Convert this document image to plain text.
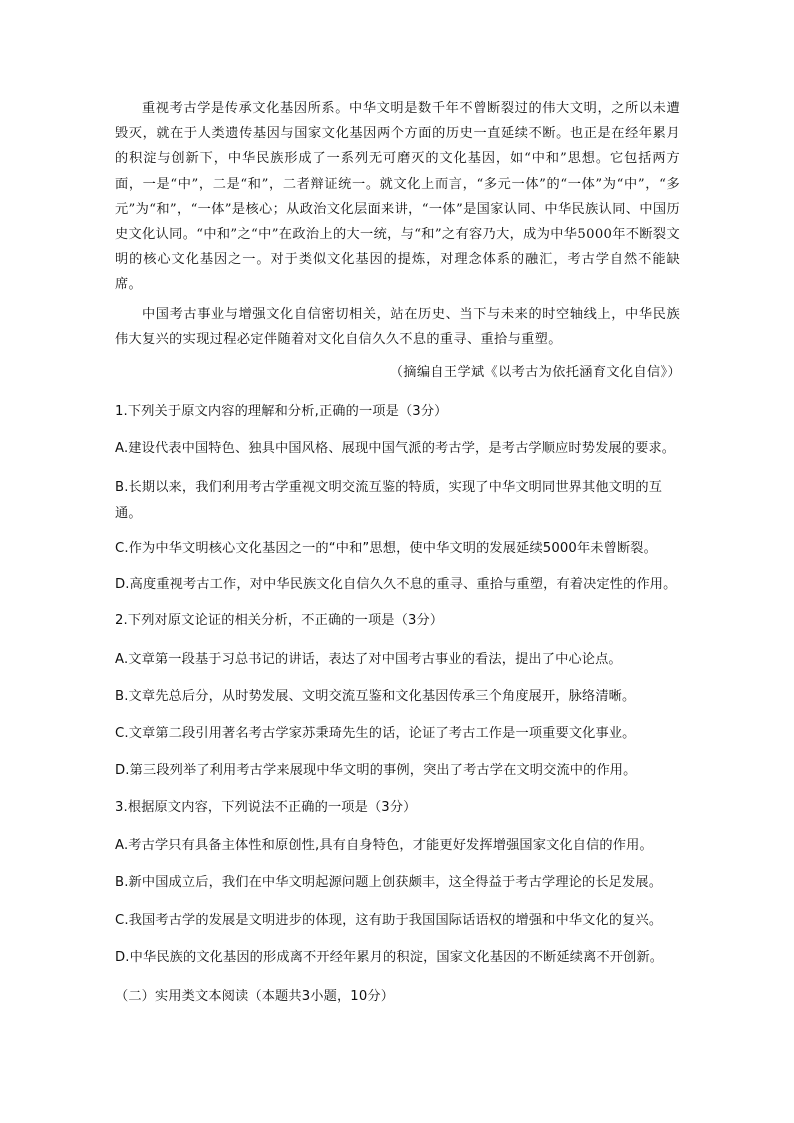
重视考古学是传承文化基因所系。中华文明是数千年不曾断裂过的伟大文明，之所以未遭毁灭，就在于人类遗传基因与国家文化基因两个方面的历史一直延续不断。也正是在经年累月的积淀与创新下，中华民族形成了一系列无可磨灭的文化基因，如“中和”思想。它包括两方面，一是“中”，二是“和”，二者辩证统一。就文化上而言，“多元一体”的“一体”为“中”，“多元”为“和”，“一体”是核心；从政治文化层面来讲，“一体”是国家认同、中华民族认同、中国历史文化认同。“中和”之“中”在政治上的大一统，与“和”之有容乃大，成为中华5000年不断裂文明的核心文化基因之一。对于类似文化基因的提炼，对理念体系的融汇，考古学自然不能缺席。

中国考古事业与增强文化自信密切相关，站在历史、当下与未来的时空轴线上，中华民族伟大复兴的实现过程必定伴随着对文化自信久久不息的重寻、重拾与重塑。

（摘编自王学斌《以考古为依托涵育文化自信》）

1.下列关于原文内容的理解和分析,正确的一项是（3分）

A.建设代表中国特色、独具中国风格、展现中国气派的考古学，是考古学顺应时势发展的要求。

B.长期以来，我们利用考古学重视文明交流互鉴的特质，实现了中华文明同世界其他文明的互通。

C.作为中华文明核心文化基因之一的“中和”思想，使中华文明的发展延续5000年未曾断裂。

D.高度重视考古工作，对中华民族文化自信久久不息的重寻、重拾与重塑，有着决定性的作用。

2.下列对原文论证的相关分析，不正确的一项是（3分）

A.文章第一段基于习总书记的讲话，表达了对中国考古事业的看法，提出了中心论点。

B.文章先总后分，从时势发展、文明交流互鉴和文化基因传承三个角度展开，脉络清晰。

C.文章第二段引用著名考古学家苏秉琦先生的话，论证了考古工作是一项重要文化事业。

D.第三段列举了利用考古学来展现中华文明的事例，突出了考古学在文明交流中的作用。

3.根据原文内容，下列说法不正确的一项是（3分）

A.考古学只有具备主体性和原创性,具有自身特色，才能更好发挥增强国家文化自信的作用。

B.新中国成立后，我们在中华文明起源问题上创获颇丰，这全得益于考古学理论的长足发展。

C.我国考古学的发展是文明进步的体现，这有助于我国国际话语权的增强和中华文化的复兴。

D.中华民族的文化基因的形成离不开经年累月的积淀，国家文化基因的不断延续离不开创新。

（二）实用类文本阅读（本题共3小题，10分）
